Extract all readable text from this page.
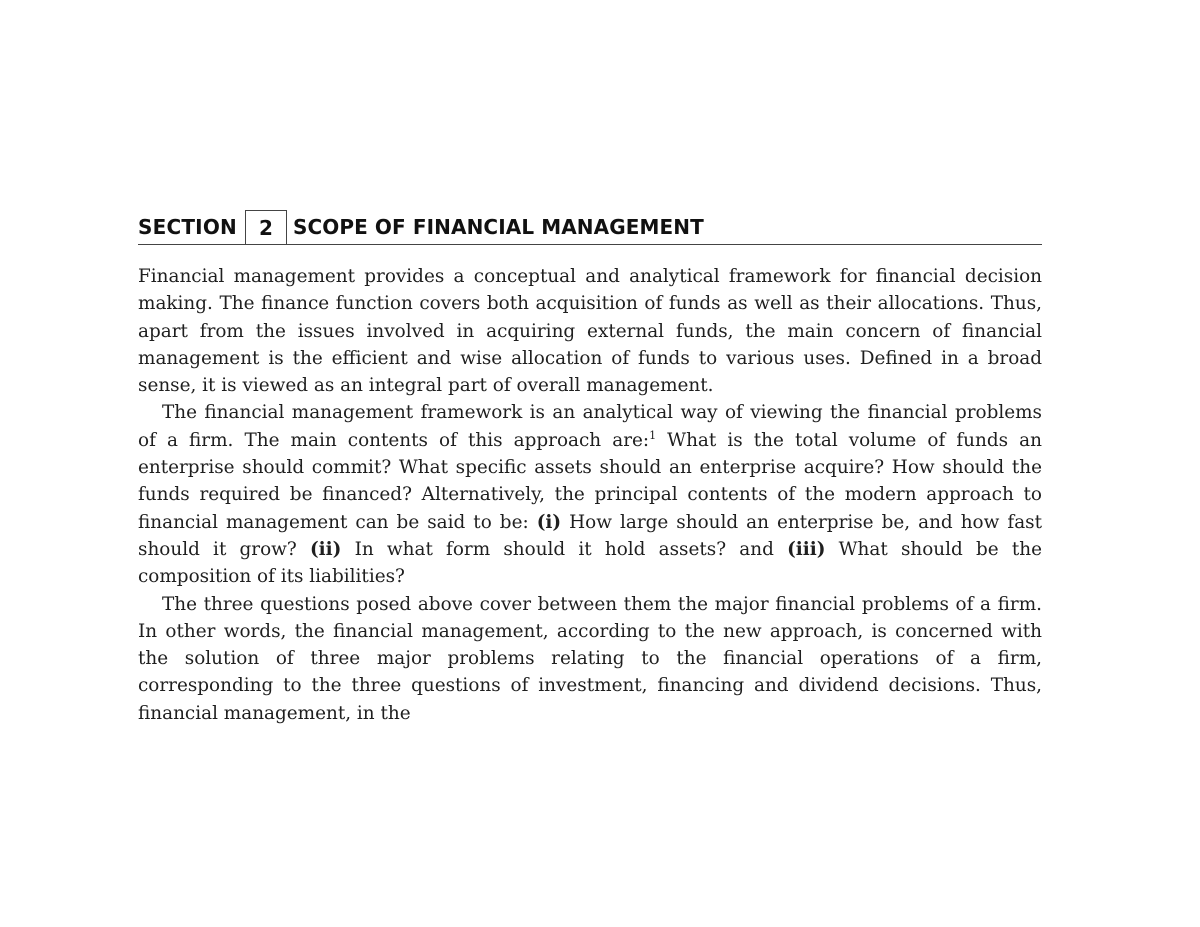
SECTION	2	SCOPE OF FINANCIAL MANAGEMENT

Financial management provides a conceptual and analytical framework for financial decision making. The finance function covers both acquisition of funds as well as their allocations. Thus, apart from the issues involved in acquiring external funds, the main concern of financial management is the efficient and wise allocation of funds to various uses. Defined in a broad sense, it is viewed as an integral part of overall management.

The financial management framework is an analytical way of viewing the financial problems of a firm. The main contents of this approach are:$^1$ What is the total volume of funds an enterprise should commit? What specific assets should an enterprise acquire? How should the funds required be financed? Alternatively, the principal contents of the modern approach to financial management can be said to be: (i) How large should an enterprise be, and how fast should it grow? (ii) In what form should it hold assets? and (iii) What should be the composition of its liabilities?

The three questions posed above cover between them the major financial problems of a firm. In other words, the financial management, according to the new approach, is concerned with the solution of three major problems relating to the financial operations of a firm, corresponding to the three questions of investment, financing and dividend decisions. Thus, financial management, in the
